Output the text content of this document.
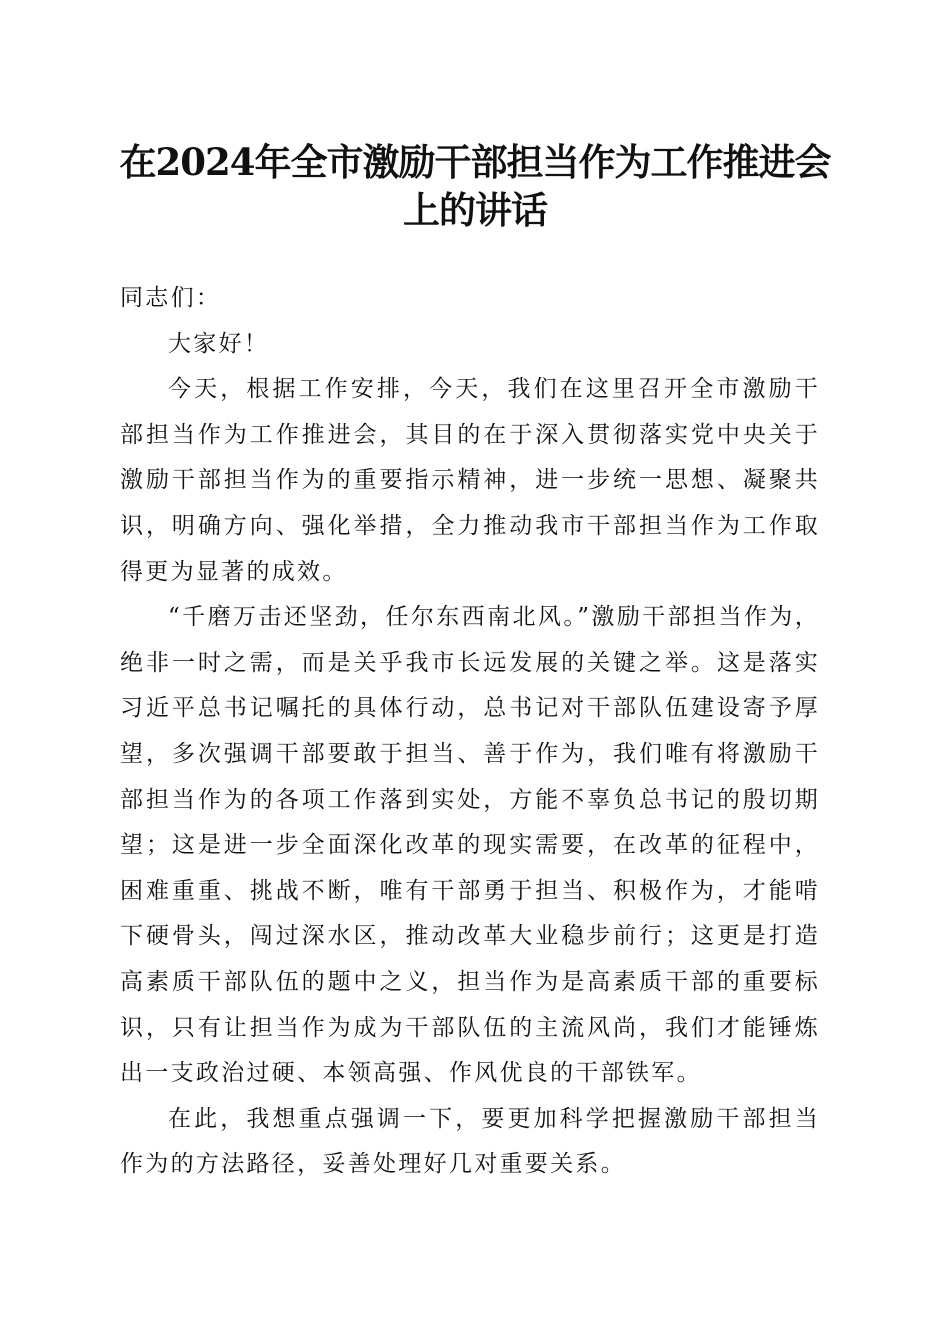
在2024年全市激励干部担当作为工作推进会
上的讲话

同志们：

大家好！

今天，根据工作安排，今天，我们在这里召开全市激励干部担当作为工作推进会，其目的在于深入贯彻落实党中央关于激励干部担当作为的重要指示精神，进一步统一思想、凝聚共识，明确方向、强化举措，全力推动我市干部担当作为工作取得更为显著的成效。

“千磨万击还坚劲，任尔东西南北风。”激励干部担当作为，绝非一时之需，而是关乎我市长远发展的关键之举。这是落实习近平总书记嘱托的具体行动，总书记对干部队伍建设寄予厚望，多次强调干部要敢于担当、善于作为，我们唯有将激励干部担当作为的各项工作落到实处，方能不辜负总书记的殷切期望；这是进一步全面深化改革的现实需要，在改革的征程中，困难重重、挑战不断，唯有干部勇于担当、积极作为，才能啃下硬骨头，闯过深水区，推动改革大业稳步前行；这更是打造高素质干部队伍的题中之义，担当作为是高素质干部的重要标识，只有让担当作为成为干部队伍的主流风尚，我们才能锤炼出一支政治过硬、本领高强、作风优良的干部铁军。

在此，我想重点强调一下，要更加科学把握激励干部担当作为的方法路径，妥善处理好几对重要关系。
